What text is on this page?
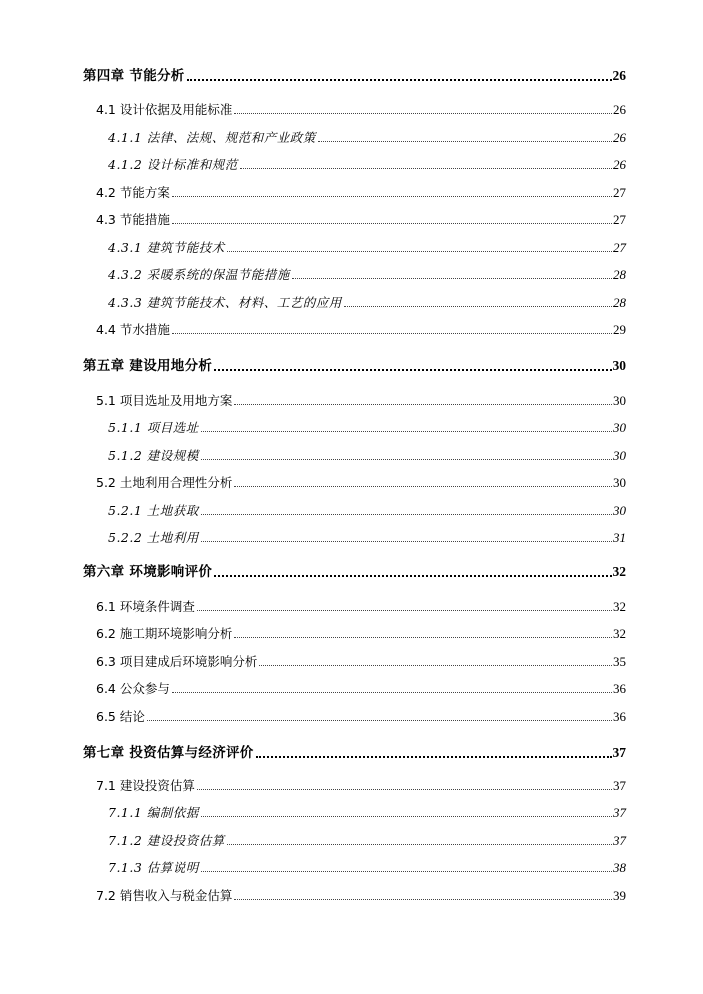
第四章 节能分析	26
4.1 设计依据及用能标准	26
4.1.1 法律、法规、规范和产业政策	26
4.1.2 设计标准和规范	26
4.2 节能方案	27
4.3 节能措施	27
4.3.1 建筑节能技术	27
4.3.2 采暖系统的保温节能措施	28
4.3.3 建筑节能技术、材料、工艺的应用	28
4.4 节水措施	29
第五章 建设用地分析	30
5.1 项目选址及用地方案	30
5.1.1 项目选址	30
5.1.2 建设规模	30
5.2 土地利用合理性分析	30
5.2.1 土地获取	30
5.2.2 土地利用	31
第六章 环境影响评价	32
6.1 环境条件调查	32
6.2 施工期环境影响分析	32
6.3 项目建成后环境影响分析	35
6.4 公众参与	36
6.5 结论	36
第七章 投资估算与经济评价	37
7.1 建设投资估算	37
7.1.1 编制依据	37
7.1.2 建设投资估算	37
7.1.3 估算说明	38
7.2 销售收入与税金估算	39
